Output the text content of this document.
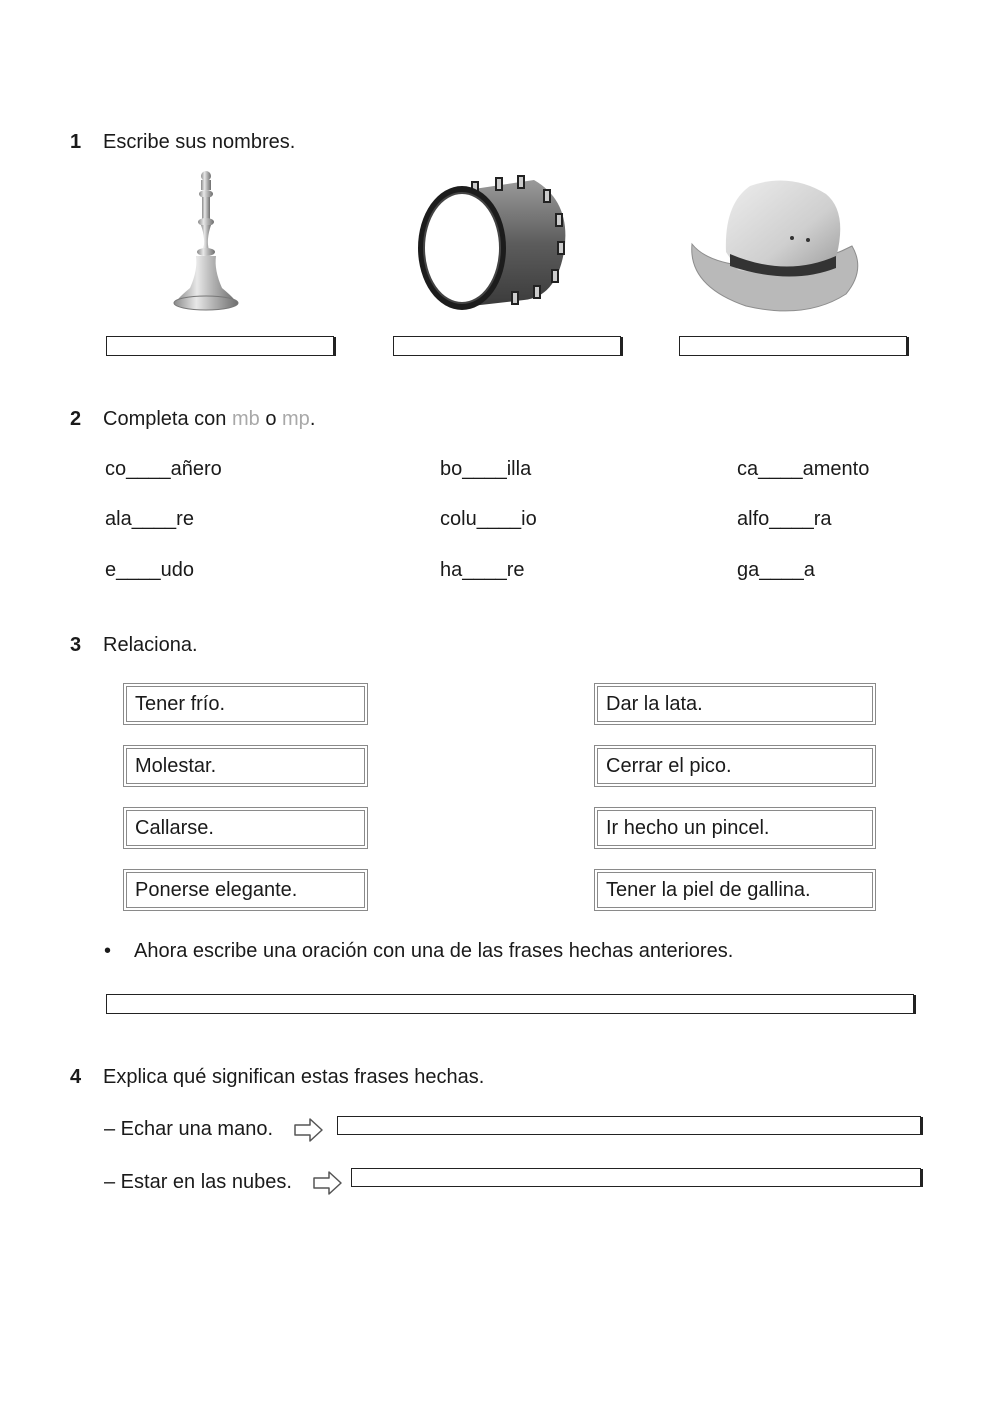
1 Escribe sus nombres.
2 Completa con mb o mp.
co____añero	bo____illa	ca____amento
ala____re	colu____io	alfo____ra
e____udo	ha____re	ga____a
3 Relaciona.
Tener frío.
Molestar.
Callarse.
Ponerse elegante.
Dar la lata.
Cerrar el pico.
Ir hecho un pincel.
Tener la piel de gallina.
• Ahora escribe una oración con una de las frases hechas anteriores.
4 Explica qué significan estas frases hechas.
– Echar una mano.
– Estar en las nubes.
